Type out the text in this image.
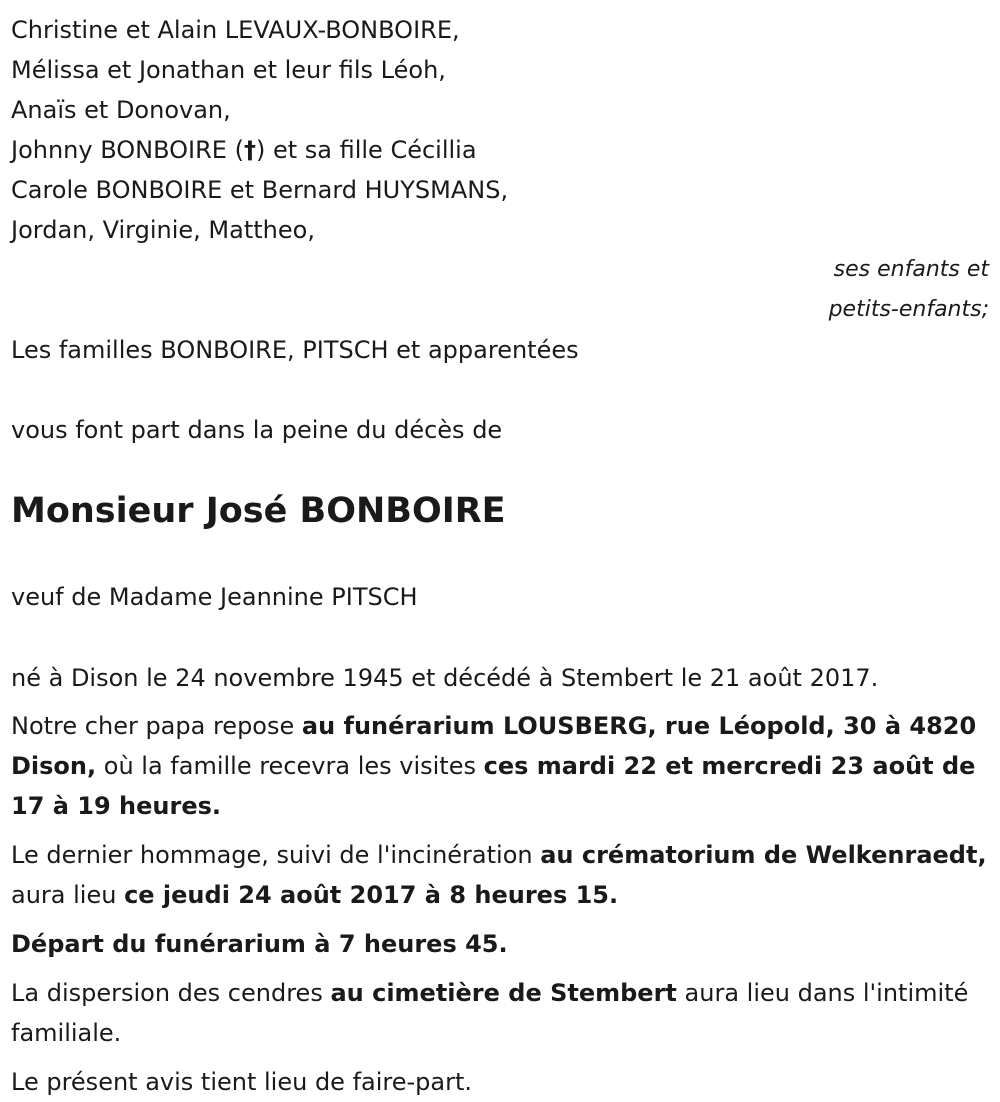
Christine et Alain LEVAUX-BONBOIRE,
Mélissa et Jonathan et leur fils Léoh,
Anaïs et Donovan,
Johnny BONBOIRE (†) et sa fille Cécillia
Carole BONBOIRE et Bernard HUYSMANS,
Jordan, Virginie, Mattheo,
ses enfants et
petits-enfants;
Les familles BONBOIRE, PITSCH et apparentées
vous font part dans la peine du décès de
Monsieur José BONBOIRE
veuf de Madame Jeannine PITSCH
né à Dison le 24 novembre 1945 et décédé à Stembert le 21 août 2017.
Notre cher papa repose au funérarium LOUSBERG, rue Léopold, 30 à 4820 Dison, où la famille recevra les visites ces mardi 22 et mercredi 23 août de 17 à 19 heures.
Le dernier hommage, suivi de l'incinération au crématorium de Welkenraedt, aura lieu ce jeudi 24 août 2017 à 8 heures 15.
Départ du funérarium à 7 heures 45.
La dispersion des cendres au cimetière de Stembert aura lieu dans l'intimité familiale.
Le présent avis tient lieu de faire-part.
